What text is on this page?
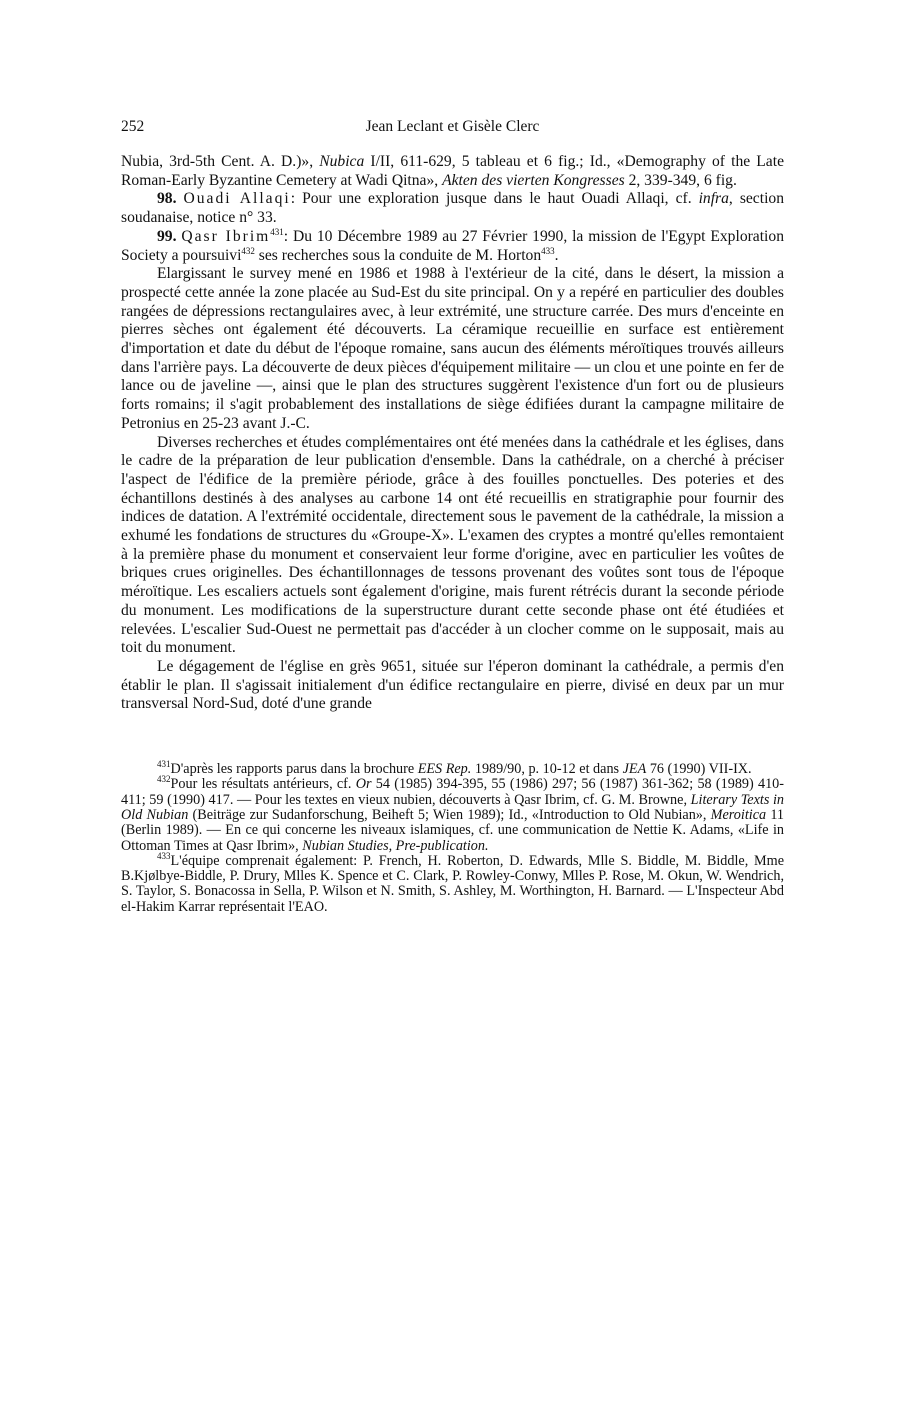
252	Jean Leclant et Gisèle Clerc

Nubia, 3rd-5th Cent. A. D.)», Nubica I/II, 611-629, 5 tableau et 6 fig.; Id., «Demography of the Late Roman-Early Byzantine Cemetery at Wadi Qitna», Akten des vierten Kongresses 2, 339-349, 6 fig.

98. Ouadi Allaqi: Pour une exploration jusque dans le haut Ouadi Allaqi, cf. infra, section soudanaise, notice n° 33.

99. Qasr Ibrim$^{431}$: Du 10 Décembre 1989 au 27 Février 1990, la mission de l'Egypt Exploration Society a poursuivi$^{432}$ ses recherches sous la conduite de M. Horton$^{433}$.

Elargissant le survey mené en 1986 et 1988 à l'extérieur de la cité, dans le désert, la mission a prospecté cette année la zone placée au Sud-Est du site principal. On y a repéré en particulier des doubles rangées de dépressions rectangulaires avec, à leur extrémité, une structure carrée. Des murs d'enceinte en pierres sèches ont également été découverts. La céramique recueillie en surface est entièrement d'importation et date du début de l'époque romaine, sans aucun des éléments méroïtiques trouvés ailleurs dans l'arrière pays. La découverte de deux pièces d'équipement militaire — un clou et une pointe en fer de lance ou de javeline —, ainsi que le plan des structures suggèrent l'existence d'un fort ou de plusieurs forts romains; il s'agit probablement des installations de siège édifiées durant la campagne militaire de Petronius en 25-23 avant J.-C.

Diverses recherches et études complémentaires ont été menées dans la cathédrale et les églises, dans le cadre de la préparation de leur publication d'ensemble. Dans la cathédrale, on a cherché à préciser l'aspect de l'édifice de la première période, grâce à des fouilles ponctuelles. Des poteries et des échantillons destinés à des analyses au carbone 14 ont été recueillis en stratigraphie pour fournir des indices de datation. A l'extrémité occidentale, directement sous le pavement de la cathédrale, la mission a exhumé les fondations de structures du «Groupe-X». L'examen des cryptes a montré qu'elles remontaient à la première phase du monument et conservaient leur forme d'origine, avec en particulier les voûtes de briques crues originelles. Des échantillonnages de tessons provenant des voûtes sont tous de l'époque méroïtique. Les escaliers actuels sont également d'origine, mais furent rétrécis durant la seconde période du monument. Les modifications de la superstructure durant cette seconde phase ont été étudiées et relevées. L'escalier Sud-Ouest ne permettait pas d'accéder à un clocher comme on le supposait, mais au toit du monument.

Le dégagement de l'église en grès 9651, située sur l'éperon dominant la cathédrale, a permis d'en établir le plan. Il s'agissait initialement d'un édifice rectangulaire en pierre, divisé en deux par un mur transversal Nord-Sud, doté d'une grande

$^{431}$D'après les rapports parus dans la brochure EES Rep. 1989/90, p. 10-12 et dans JEA 76 (1990) VII-IX.

$^{432}$Pour les résultats antérieurs, cf. Or 54 (1985) 394-395, 55 (1986) 297; 56 (1987) 361-362; 58 (1989) 410-411; 59 (1990) 417. — Pour les textes en vieux nubien, découverts à Qasr Ibrim, cf. G. M. Browne, Literary Texts in Old Nubian (Beiträge zur Sudanforschung, Beiheft 5; Wien 1989); Id., «Introduction to Old Nubian», Meroitica 11 (Berlin 1989). — En ce qui concerne les niveaux islamiques, cf. une communication de Nettie K. Adams, «Life in Ottoman Times at Qasr Ibrim», Nubian Studies, Pre-publication.

$^{433}$L'équipe comprenait également: P. French, H. Roberton, D. Edwards, Mlle S. Biddle, M. Biddle, Mme B.Kjølbye-Biddle, P. Drury, Mlles K. Spence et C. Clark, P. Rowley-Conwy, Mlles P. Rose, M. Okun, W. Wendrich, S. Taylor, S. Bonacossa in Sella, P. Wilson et N. Smith, S. Ashley, M. Worthington, H. Barnard. — L'Inspecteur Abd el-Hakim Karrar représentait l'EAO.
